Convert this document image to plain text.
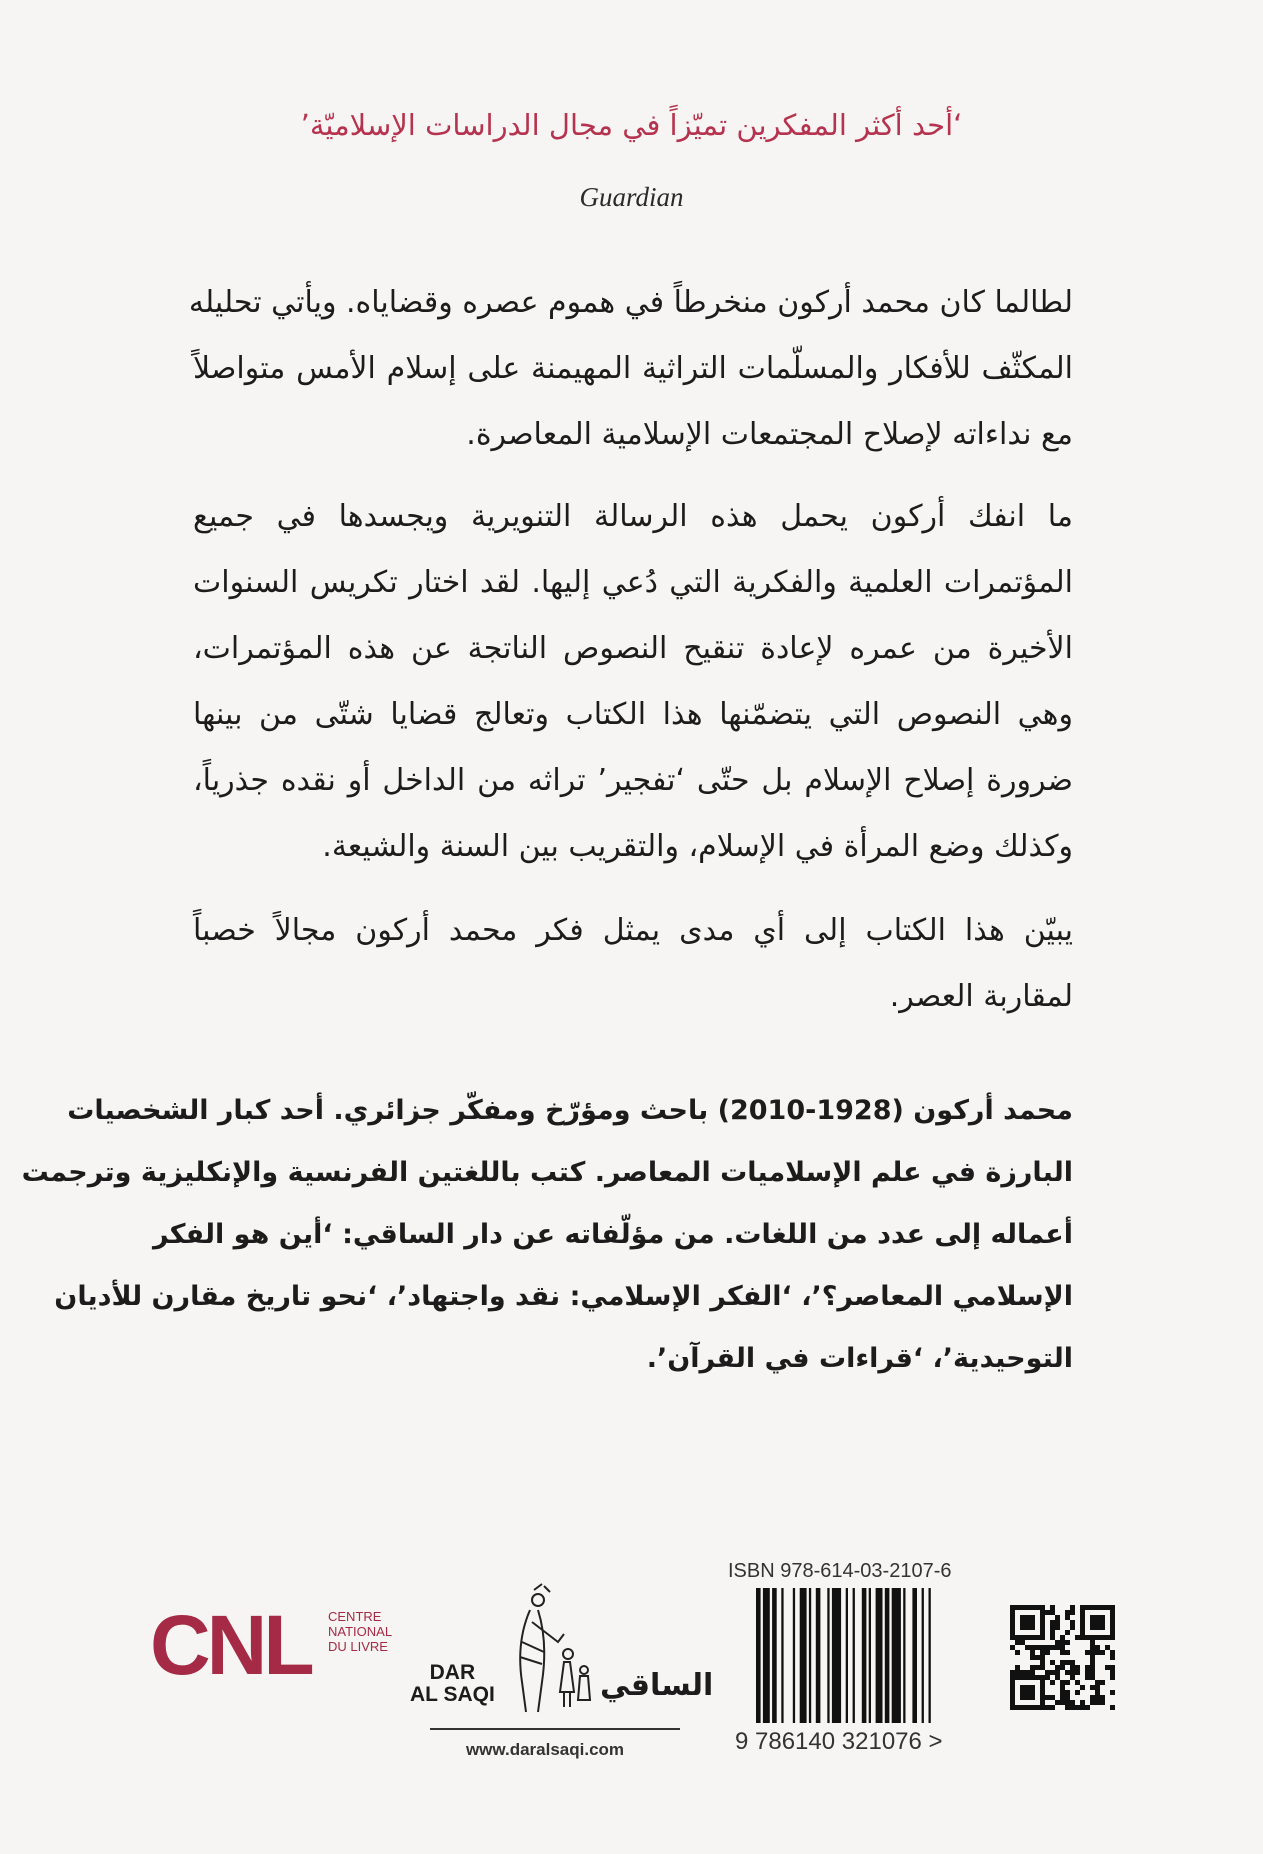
‘أحد أكثر المفكرين تميّزاً في مجال الدراسات الإسلاميّة’
Guardian
لطالما كان محمد أركون منخرطاً في هموم عصره وقضاياه. ويأتي تحليله
المكثّف للأفكار والمسلّمات التراثية المهيمنة على إسلام الأمس متواصلاً
مع نداءاته لإصلاح المجتمعات الإسلامية المعاصرة.
ما انفك أركون يحمل هذه الرسالة التنويرية ويجسدها في جميع
المؤتمرات العلمية والفكرية التي دُعي إليها. لقد اختار تكريس السنوات
الأخيرة من عمره لإعادة تنقيح النصوص الناتجة عن هذه المؤتمرات،
وهي النصوص التي يتضمّنها هذا الكتاب وتعالج قضايا شتّى من بينها
ضرورة إصلاح الإسلام بل حتّى ‘تفجير’ تراثه من الداخل أو نقده جذرياً،
وكذلك وضع المرأة في الإسلام، والتقريب بين السنة والشيعة.
يبيّن هذا الكتاب إلى أي مدى يمثل فكر محمد أركون مجالاً خصباً
لمقاربة العصر.
محمد أركون (1928-2010) باحث ومؤرّخ ومفكّر جزائري. أحد كبار الشخصيات
البارزة في علم الإسلاميات المعاصر. كتب باللغتين الفرنسية والإنكليزية وترجمت
أعماله إلى عدد من اللغات. من مؤلّفاته عن دار الساقي: ‘أين هو الفكر
الإسلامي المعاصر؟’، ‘الفكر الإسلامي: نقد واجتهاد’، ‘نحو تاريخ مقارن للأديان
التوحيدية’، ‘قراءات في القرآن’.
CNL CENTRE
NATIONAL
DU LIVRE
DAR
AL SAQI	الساقي
www.daralsaqi.com
ISBN 978-614-03-2107-6
9 786140 321076 >
